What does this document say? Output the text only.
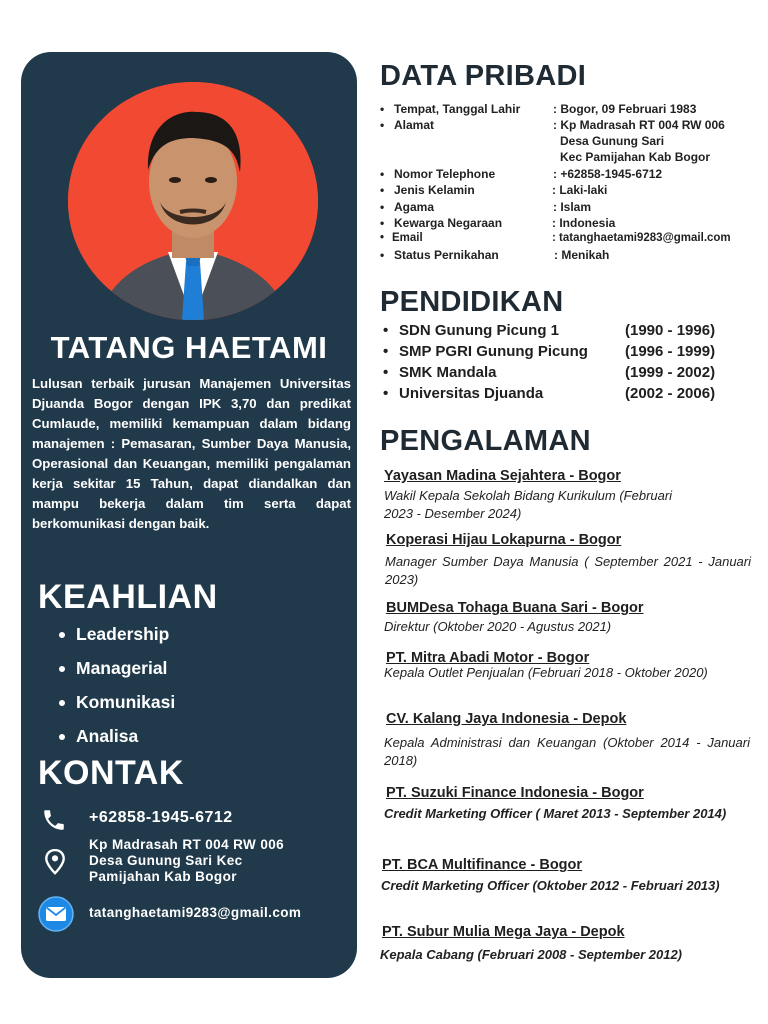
TATANG HAETAMI
Lulusan terbaik jurusan Manajemen Universitas Djuanda Bogor dengan IPK 3,70 dan predikat Cumlaude, memiliki kemampuan dalam bidang manajemen : Pemasaran, Sumber Daya Manusia, Operasional dan Keuangan, memiliki pengalaman kerja sekitar 15 Tahun, dapat diandalkan dan mampu bekerja dalam tim serta dapat berkomunikasi dengan baik.
KEAHLIAN
Leadership
Managerial
Komunikasi
Analisa
KONTAK
+62858-1945-6712
Kp Madrasah RT 004 RW 006
Desa Gunung Sari Kec
Pamijahan Kab Bogor
tatanghaetami9283@gmail.com
DATA PRIBADI
• Tempat, Tanggal Lahir	: Bogor, 09 Februari 1983
• Alamat	: Kp Madrasah RT 004 RW 006
Desa Gunung Sari
Kec Pamijahan Kab Bogor
• Nomor Telephone	: +62858-1945-6712
• Jenis Kelamin	: Laki-laki
• Agama	: Islam
• Kewarga Negaraan	: Indonesia
• Email	: tatanghaetami9283@gmail.com
• Status Pernikahan	: Menikah
PENDIDIKAN
• SDN Gunung Picung 1	(1990 - 1996)
• SMP PGRI Gunung Picung (1996 - 1999)
• SMK Mandala	(1999 - 2002)
• Universitas Djuanda	(2002 - 2006)
PENGALAMAN
Yayasan Madina Sejahtera - Bogor
Wakil Kepala Sekolah Bidang Kurikulum (Februari 2023 - Desember 2024)
Koperasi Hijau Lokapurna - Bogor
Manager Sumber Daya Manusia ( September 2021 - Januari 2023)
BUMDesa Tohaga Buana Sari - Bogor
Direktur (Oktober 2020 - Agustus 2021)
PT. Mitra Abadi Motor - Bogor
Kepala Outlet Penjualan (Februari 2018 - Oktober 2020)
CV. Kalang Jaya Indonesia - Depok
Kepala Administrasi dan Keuangan (Oktober 2014 - Januari 2018)
PT. Suzuki Finance Indonesia - Bogor
Credit Marketing Officer ( Maret 2013 - September 2014)
PT. BCA Multifinance - Bogor
Credit Marketing Officer (Oktober 2012 - Februari 2013)
PT. Subur Mulia Mega Jaya - Depok
Kepala Cabang (Februari 2008 - September 2012)
